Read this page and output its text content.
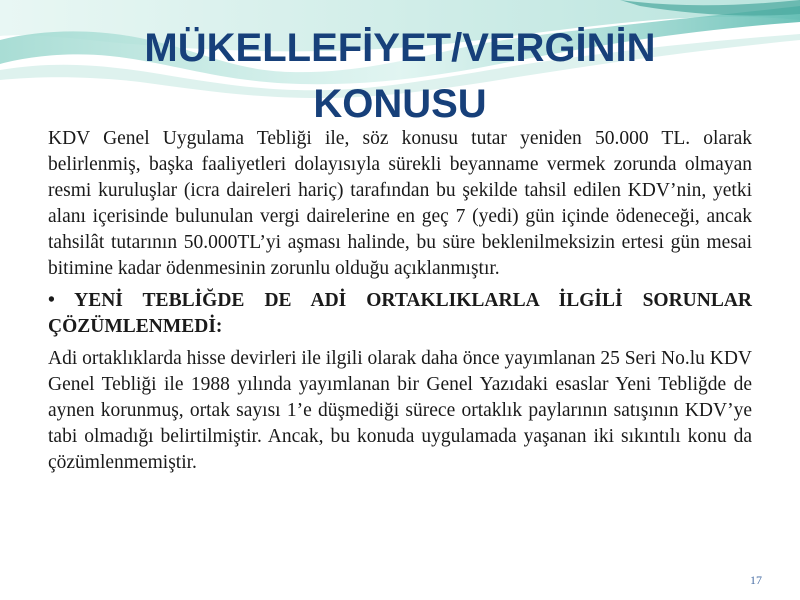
MÜKELLEFİYET/VERGİNİN
KONUSU

KDV Genel Uygulama Tebliği ile, söz konusu tutar yeniden 50.000 TL. olarak belirlenmiş, başka faaliyetleri dolayısıyla sürekli beyanname vermek zorunda olmayan resmi kuruluşlar (icra daireleri hariç) tarafından bu şekilde tahsil edilen KDV’nin, yetki alanı içerisinde bulunulan vergi dairelerine en geç 7 (yedi) gün içinde ödeneceği, ancak tahsilât tutarının 50.000TL’yi aşması halinde, bu süre beklenilmeksizin ertesi gün mesai bitimine kadar ödenmesinin zorunlu olduğu açıklanmıştır.

• YENİ TEBLİĞDE DE ADİ ORTAKLIKLARLA İLGİLİ SORUNLAR ÇÖZÜMLENMEDİ:

Adi ortaklıklarda hisse devirleri ile ilgili olarak daha önce yayımlanan 25 Seri No.lu KDV Genel Tebliği ile 1988 yılında yayımlanan bir Genel Yazıdaki esaslar Yeni Tebliğde de aynen korunmuş, ortak sayısı 1’e düşmediği sürece ortaklık paylarının satışının KDV’ye tabi olmadığı belirtilmiştir. Ancak, bu konuda uygulamada yaşanan iki sıkıntılı konu da çözümlenmemiştir.

17
